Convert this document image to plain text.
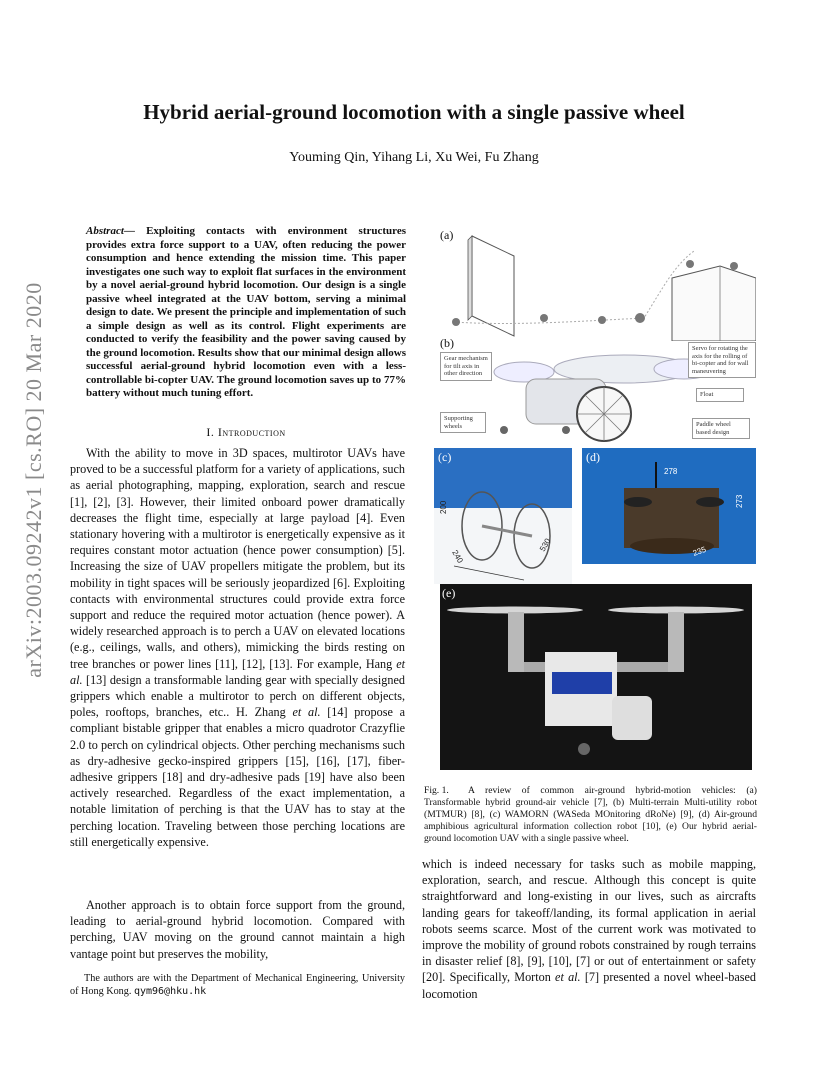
arXiv:2003.09242v1 [cs.RO] 20 Mar 2020
Hybrid aerial-ground locomotion with a single passive wheel
Youming Qin, Yihang Li, Xu Wei, Fu Zhang
Abstract— Exploiting contacts with environment structures provides extra force support to a UAV, often reducing the power consumption and hence extending the mission time. This paper investigates one such way to exploit flat surfaces in the environment by a novel aerial-ground hybrid locomotion. Our design is a single passive wheel integrated at the UAV bottom, serving a minimal design to date. We present the principle and implementation of such a simple design as well as its control. Flight experiments are conducted to verify the feasibility and the power saving caused by the ground locomotion. Results show that our minimal design allows successful aerial-ground hybrid locomotion even with a less-controllable bi-copter UAV. The ground locomotion saves up to 77% battery without much tuning effort.
I. Introduction
With the ability to move in 3D spaces, multirotor UAVs have proved to be a successful platform for a variety of applications, such as aerial photographing, mapping, exploration, search and rescue [1], [2], [3]. However, their limited onboard power dramatically decreases the flight time, especially at large payload [4]. Even stationary hovering with a multirotor is energetically expensive as it requires constant motor actuation (hence power consumption) [5]. Increasing the size of UAV propellers mitigate the problem, but its mobility in tight spaces will be seriously jeopardized [6]. Exploiting contacts with environmental structures could provide extra force support and reduce the required motor actuation (hence power). A widely researched approach is to perch a UAV on elevated locations (e.g., ceilings, walls, and others), mimicking the birds resting on tree branches or power lines [11], [12], [13]. For example, Hang et al. [13] design a transformable landing gear with specially designed grippers which enable a multirotor to perch on different objects, poles, rooftops, branches, etc.. H. Zhang et al. [14] propose a compliant bistable gripper that enables a micro quadrotor Crazyflie 2.0 to perch on cylindrical objects. Other perching mechanisms such as dry-adhesive gecko-inspired grippers [15], [16], [17], fiber-adhesive grippers [18] and dry-adhesive pads [19] have also been actively researched. Regardless of the exact implementation, a notable limitation of perching is that the UAV has to stay at the perching location. Traveling between those perching locations are still energetically expensive.
Another approach is to obtain force support from the ground, leading to aerial-ground hybrid locomotion. Compared with perching, UAV moving on the ground cannot maintain a high vantage point but preserves the mobility,
The authors are with the Department of Mechanical Engineering, University of Hong Kong. qym96@hku.hk
(a)
(b)
Gear mechanism for tilt axis in other direction
Servo for rotating the axis for the rolling of bi-copter and for wall maneuvering
Float
Supporting wheels	Paddle wheel based design
(c)
200
240
530
(d)
278
273
235
(e)
Fig. 1. A review of common air-ground hybrid-motion vehicles: (a) Transformable hybrid ground-air vehicle [7], (b) Multi-terrain Multi-utility robot (MTMUR) [8], (c) WAMORN (WASeda MOnitoring dRoNe) [9], (d) Air-ground amphibious agricultural information collection robot [10], (e) Our hybrid aerial-ground locomotion UAV with a single passive wheel.
which is indeed necessary for tasks such as mobile mapping, exploration, search, and rescue. Although this concept is quite straightforward and long-existing in our lives, such as aircrafts landing gears for takeoff/landing, its formal application in aerial robots seems scarce. Most of the current work was motivated to improve the mobility of ground robots constrained by rough terrains in disaster relief [8], [9], [10], [7] or out of entertainment or safety [20]. Specifically, Morton et al. [7] presented a novel wheel-based locomotion
